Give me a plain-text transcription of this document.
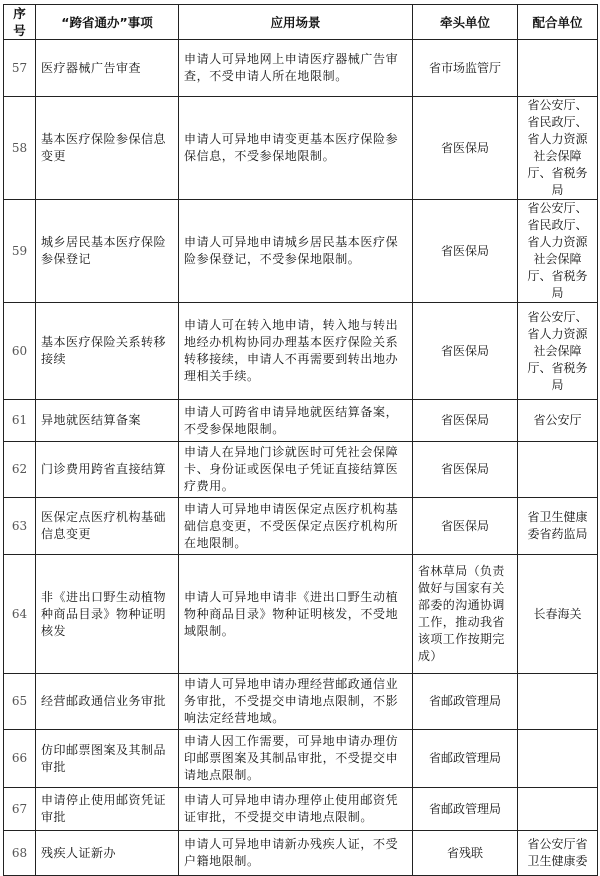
序号	“跨省通办”事项	应用场景	牵头单位	配合单位
57	医疗器械广告审查	申请人可异地网上申请医疗器械广告审查，不受申请人所在地限制。	省市场监管厅	
58	基本医疗保险参保信息变更	申请人可异地申请变更基本医疗保险参保信息，不受参保地限制。	省医保局	省公安厅、省民政厅、省人力资源社会保障厅、省税务局
59	城乡居民基本医疗保险参保登记	申请人可异地申请城乡居民基本医疗保险参保登记，不受参保地限制。	省医保局	省公安厅、省民政厅、省人力资源社会保障厅、省税务局
60	基本医疗保险关系转移接续	申请人可在转入地申请，转入地与转出地经办机构协同办理基本医疗保险关系转移接续，申请人不再需要到转出地办理相关手续。	省医保局	省公安厅、省人力资源社会保障厅、省税务局
61	异地就医结算备案	申请人可跨省申请异地就医结算备案，不受参保地限制。	省医保局	省公安厅
62	门诊费用跨省直接结算	申请人在异地门诊就医时可凭社会保障卡、身份证或医保电子凭证直接结算医疗费用。	省医保局	
63	医保定点医疗机构基础信息变更	申请人可异地申请医保定点医疗机构基础信息变更，不受医保定点医疗机构所在地限制。	省医保局	省卫生健康委省药监局
64	非《进出口野生动植物种商品目录》物种证明核发	申请人可异地申请非《进出口野生动植物种商品目录》物种证明核发，不受地域限制。	省林草局（负责做好与国家有关部委的沟通协调工作，推动我省该项工作按期完成）	长春海关
65	经营邮政通信业务审批	申请人可异地申请办理经营邮政通信业务审批，不受提交申请地点限制，不影响法定经营地域。	省邮政管理局	
66	仿印邮票图案及其制品审批	申请人因工作需要，可异地申请办理仿印邮票图案及其制品审批，不受提交申请地点限制。	省邮政管理局	
67	申请停止使用邮资凭证审批	申请人可异地申请办理停止使用邮资凭证审批，不受提交申请地点限制。	省邮政管理局	
68	残疾人证新办	申请人可异地申请新办残疾人证，不受户籍地限制。	省残联	省公安厅省卫生健康委
